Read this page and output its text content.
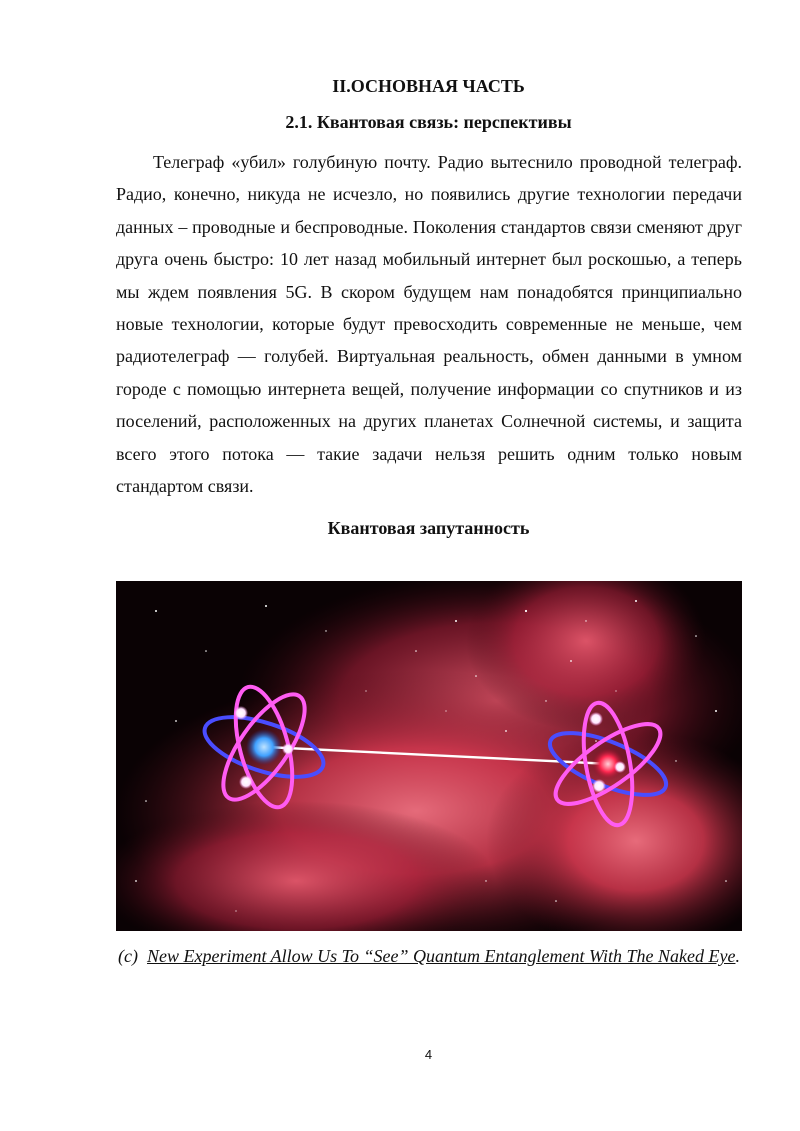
II.ОСНОВНАЯ ЧАСТЬ
2.1. Квантовая связь: перспективы

Телеграф «убил» голубиную почту. Радио вытеснило проводной телеграф. Радио, конечно, никуда не исчезло, но появились другие технологии передачи данных – проводные и беспроводные. Поколения стандартов связи сменяют друг друга очень быстро: 10 лет назад мобильный интернет был роскошью, а теперь мы ждем появления 5G. В скором будущем нам понадобятся принципиально новые технологии, которые будут превосходить современные не меньше, чем радиотелеграф — голубей. Виртуальная реальность, обмен данными в умном городе с помощью интернета вещей, получение информации со спутников и из поселений, расположенных на других планетах Солнечной системы, и защита всего этого потока — такие задачи нельзя решить одним только новым стандартом связи.

Квантовая запутанность
(c) New Experiment Allow Us To “See” Quantum Entanglement With The Naked Eye.
4
